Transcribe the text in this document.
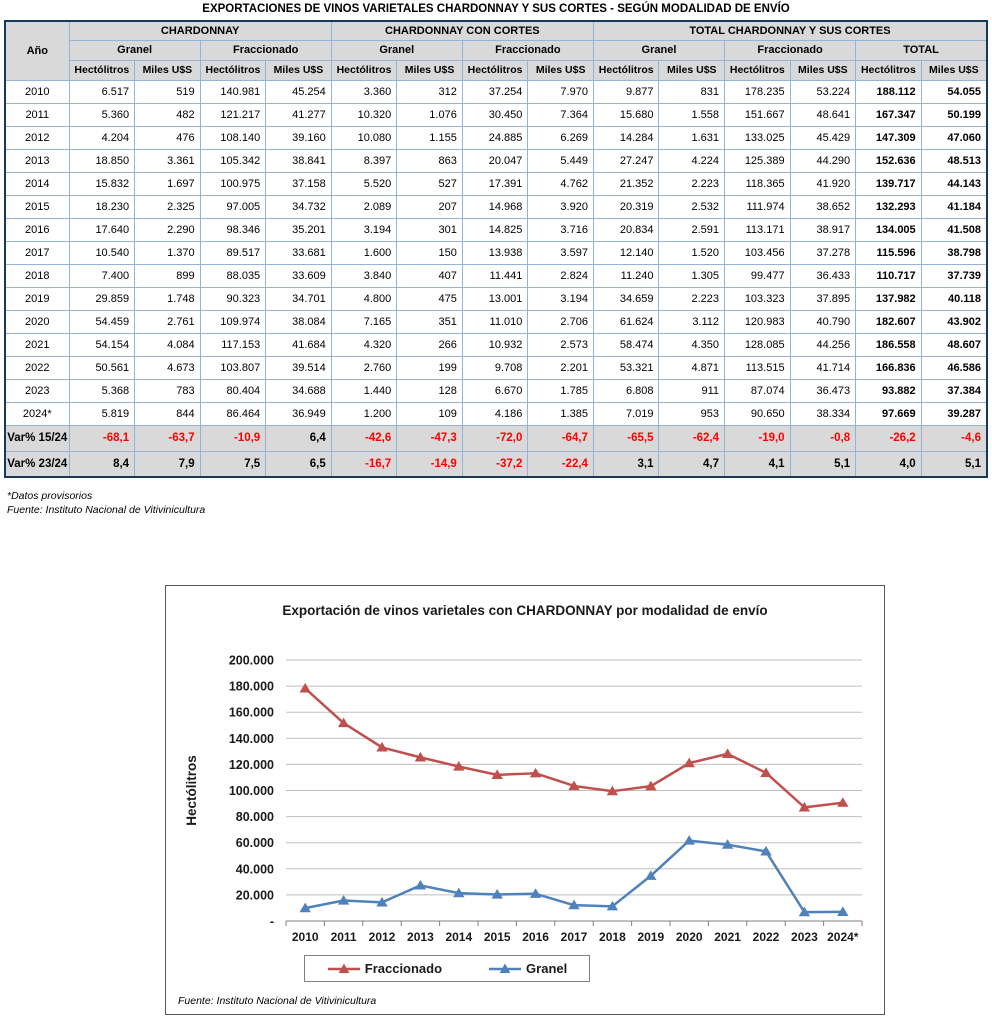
EXPORTACIONES DE VINOS VARIETALES CHARDONNAY Y SUS CORTES - SEGÚN MODALIDAD DE ENVÍO
Año	CHARDONNAY				CHARDONNAY CON CORTES				TOTAL CHARDONNAY Y SUS CORTES					
	Granel		Fraccionado		Granel		Fraccionado		Granel		Fraccionado		TOTAL	
	Hectólitros	Miles U$S	Hectólitros	Miles U$S	Hectólitros	Miles U$S	Hectólitros	Miles U$S	Hectólitros	Miles U$S	Hectólitros	Miles U$S	Hectólitros	Miles U$S
2010	6.517	519	140.981	45.254	3.360	312	37.254	7.970	9.877	831	178.235	53.224	188.112	54.055
2011	5.360	482	121.217	41.277	10.320	1.076	30.450	7.364	15.680	1.558	151.667	48.641	167.347	50.199
2012	4.204	476	108.140	39.160	10.080	1.155	24.885	6.269	14.284	1.631	133.025	45.429	147.309	47.060
2013	18.850	3.361	105.342	38.841	8.397	863	20.047	5.449	27.247	4.224	125.389	44.290	152.636	48.513
2014	15.832	1.697	100.975	37.158	5.520	527	17.391	4.762	21.352	2.223	118.365	41.920	139.717	44.143
2015	18.230	2.325	97.005	34.732	2.089	207	14.968	3.920	20.319	2.532	111.974	38.652	132.293	41.184
2016	17.640	2.290	98.346	35.201	3.194	301	14.825	3.716	20.834	2.591	113.171	38.917	134.005	41.508
2017	10.540	1.370	89.517	33.681	1.600	150	13.938	3.597	12.140	1.520	103.456	37.278	115.596	38.798
2018	7.400	899	88.035	33.609	3.840	407	11.441	2.824	11.240	1.305	99.477	36.433	110.717	37.739
2019	29.859	1.748	90.323	34.701	4.800	475	13.001	3.194	34.659	2.223	103.323	37.895	137.982	40.118
2020	54.459	2.761	109.974	38.084	7.165	351	11.010	2.706	61.624	3.112	120.983	40.790	182.607	43.902
2021	54.154	4.084	117.153	41.684	4.320	266	10.932	2.573	58.474	4.350	128.085	44.256	186.558	48.607
2022	50.561	4.673	103.807	39.514	2.760	199	9.708	2.201	53.321	4.871	113.515	41.714	166.836	46.586
2023	5.368	783	80.404	34.688	1.440	128	6.670	1.785	6.808	911	87.074	36.473	93.882	37.384
2024*	5.819	844	86.464	36.949	1.200	109	4.186	1.385	7.019	953	90.650	38.334	97.669	39.287
Var% 15/24	-68,1	-63,7	-10,9	6,4	-42,6	-47,3	-72,0	-64,7	-65,5	-62,4	-19,0	-0,8	-26,2	-4,6
Var% 23/24	8,4	7,9	7,5	6,5	-16,7	-14,9	-37,2	-22,4	3,1	4,7	4,1	5,1	4,0	5,1
*Datos provisorios
Fuente: Instituto Nacional de Vitivinicultura
Exportación de vinos varietales con CHARDONNAY por modalidad de envío
-
20.000
40.000
60.000
80.000
100.000
120.000
140.000
160.000
180.000
200.000
2010 2011 2012 2013 2014 2015 2016 2017 2018 2019 2020 2021 2022 2023 2024*
Hectólitros
Fraccionado	Granel
Fuente: Instituto Nacional de Vitivinicultura
